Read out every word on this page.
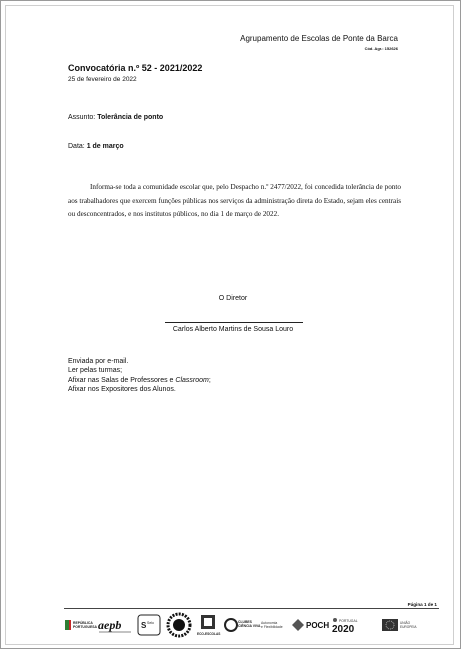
Agrupamento de Escolas de Ponte da Barca
Cód. Agr.: 152626
Convocatória n.º 52 - 2021/2022
25 de fevereiro de 2022
Assunto: Tolerância de ponto
Data: 1 de março

Informa-se toda a comunidade escolar que, pelo Despacho n.º 2477/2022, foi concedida tolerância de ponto aos trabalhadores que exercem funções públicas nos serviços da administração direta do Estado, sejam eles centrais ou desconcentrados, e nos institutos públicos, no dia 1 de março de 2022.

O Diretor
Carlos Alberto Martins de Sousa Louro
Enviada por e-mail.
Ler pelas turmas;
Afixar nas Salas de Professores e Classroom;
Afixar nos Expositores dos Alunos.
Página 1 de 1
REPÚBLICA
PORTUGUESA aepb S Selo
ECO-ESCOLAS
CLUBES
CIÊNCIA VIVA
Autonomia
e Flexibilidade	POCH	PORTUGAL
2020
UNIÃO
EUROPEIA
